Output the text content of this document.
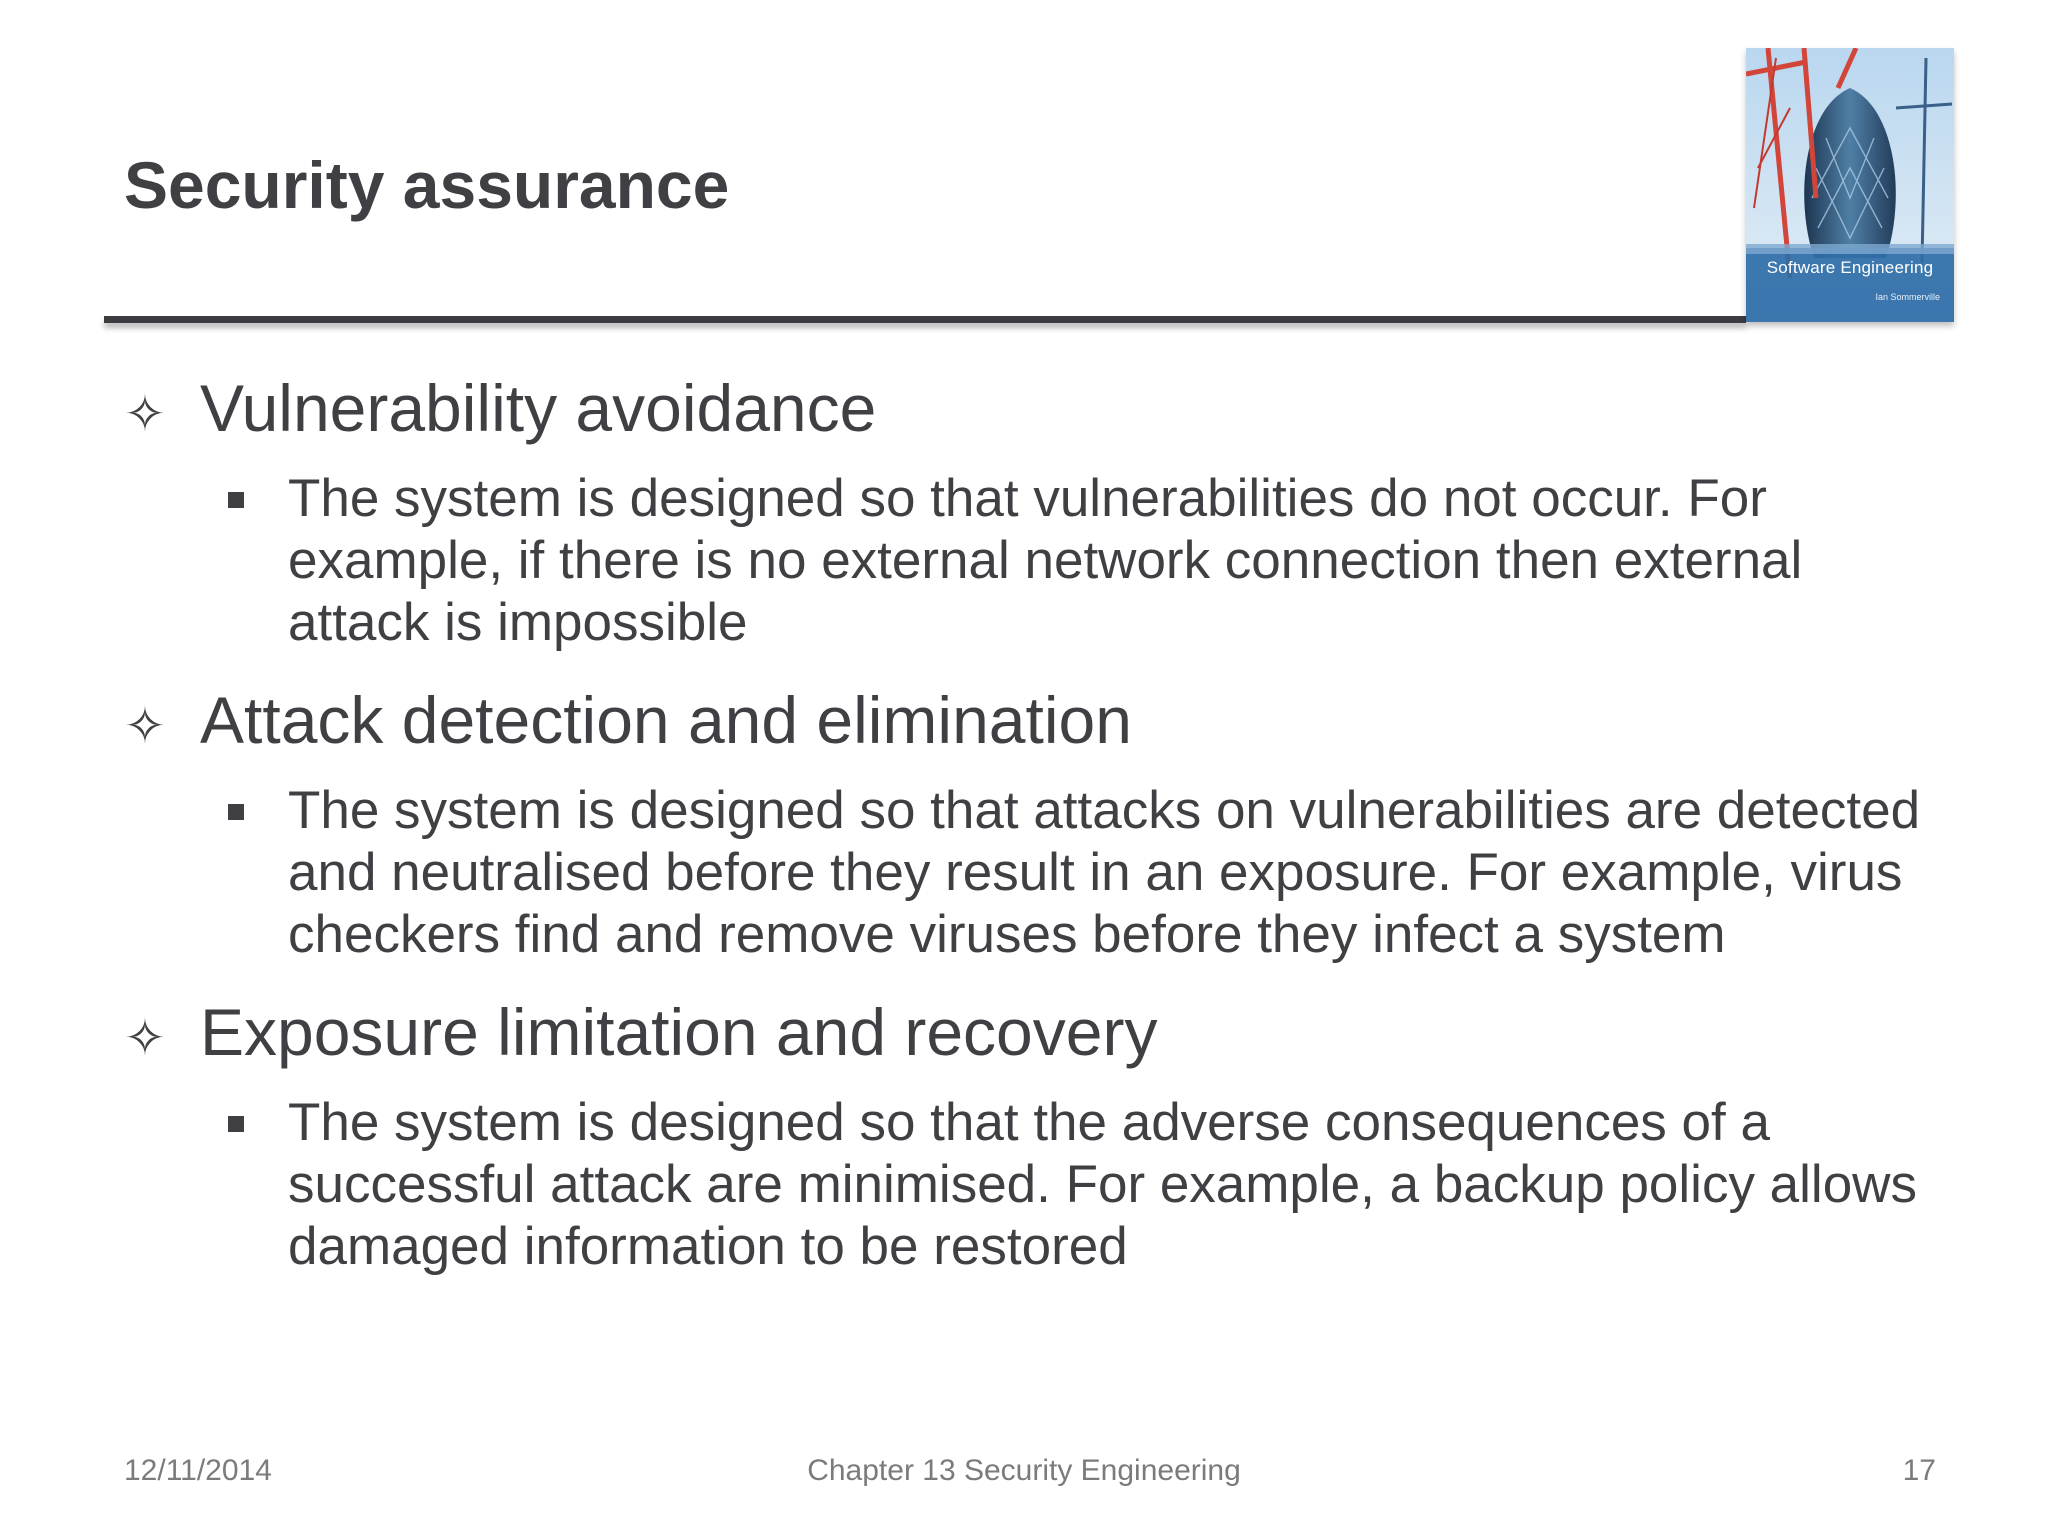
Security assurance
Software Engineering
Ian Sommerville
✧ Vulnerability avoidance
The system is designed so that vulnerabilities do not occur. For example, if there is no external network connection then external attack is impossible
✧ Attack detection and elimination
The system is designed so that attacks on vulnerabilities are detected and neutralised before they result in an exposure. For example, virus checkers find and remove viruses before they infect a system
✧ Exposure limitation and recovery
The system is designed so that the adverse consequences of a successful attack are minimised. For example, a backup policy allows damaged information to be restored
12/11/2014	Chapter 13 Security Engineering	17
